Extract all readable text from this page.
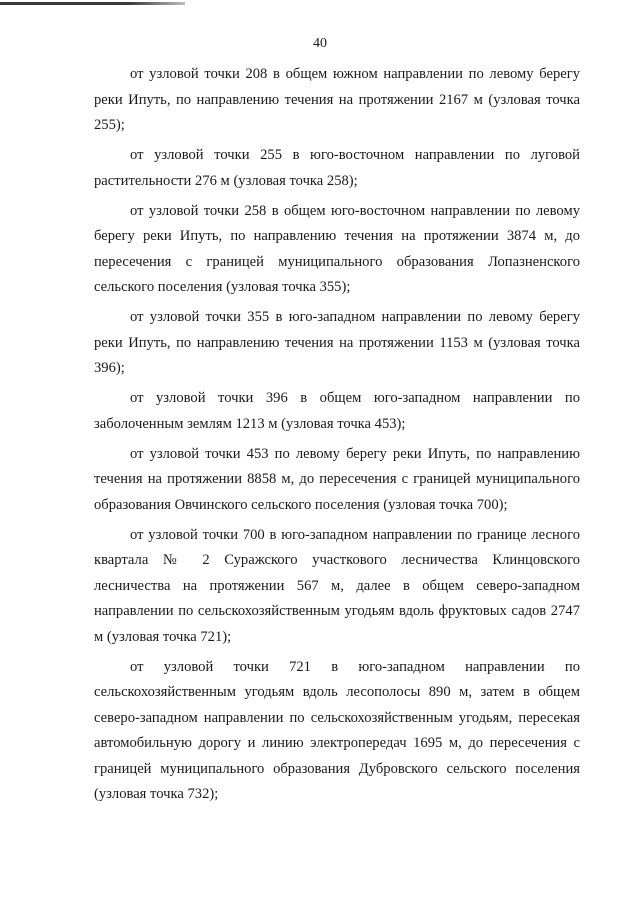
40

от узловой точки 208 в общем южном направлении по левому берегу реки Ипуть, по направлению течения на протяжении 2167 м (узловая точка 255);

от узловой точки 255 в юго-восточном направлении по луговой растительности 276 м (узловая точка 258);

от узловой точки 258 в общем юго-восточном направлении по левому берегу реки Ипуть, по направлению течения на протяжении 3874 м, до пересечения с границей муниципального образования Лопазненского сельского поселения (узловая точка 355);

от узловой точки 355 в юго-западном направлении по левому берегу реки Ипуть, по направлению течения на протяжении 1153 м (узловая точка 396);

от узловой точки 396 в общем юго-западном направлении по заболоченным землям 1213 м (узловая точка 453);

от узловой точки 453 по левому берегу реки Ипуть, по направлению течения на протяжении 8858 м, до пересечения с границей муниципального образования Овчинского сельского поселения (узловая точка 700);

от узловой точки 700 в юго-западном направлении по границе лесного квартала № 2 Суражского участкового лесничества Клинцовского лесничества на протяжении 567 м, далее в общем северо-западном направлении по сельскохозяйственным угодьям вдоль фруктовых садов 2747 м (узловая точка 721);

от узловой точки 721 в юго-западном направлении по сельскохозяйственным угодьям вдоль лесополосы 890 м, затем в общем северо-западном направлении по сельскохозяйственным угодьям, пересекая автомобильную дорогу и линию электропередач 1695 м, до пересечения с границей муниципального образования Дубровского сельского поселения (узловая точка 732);
